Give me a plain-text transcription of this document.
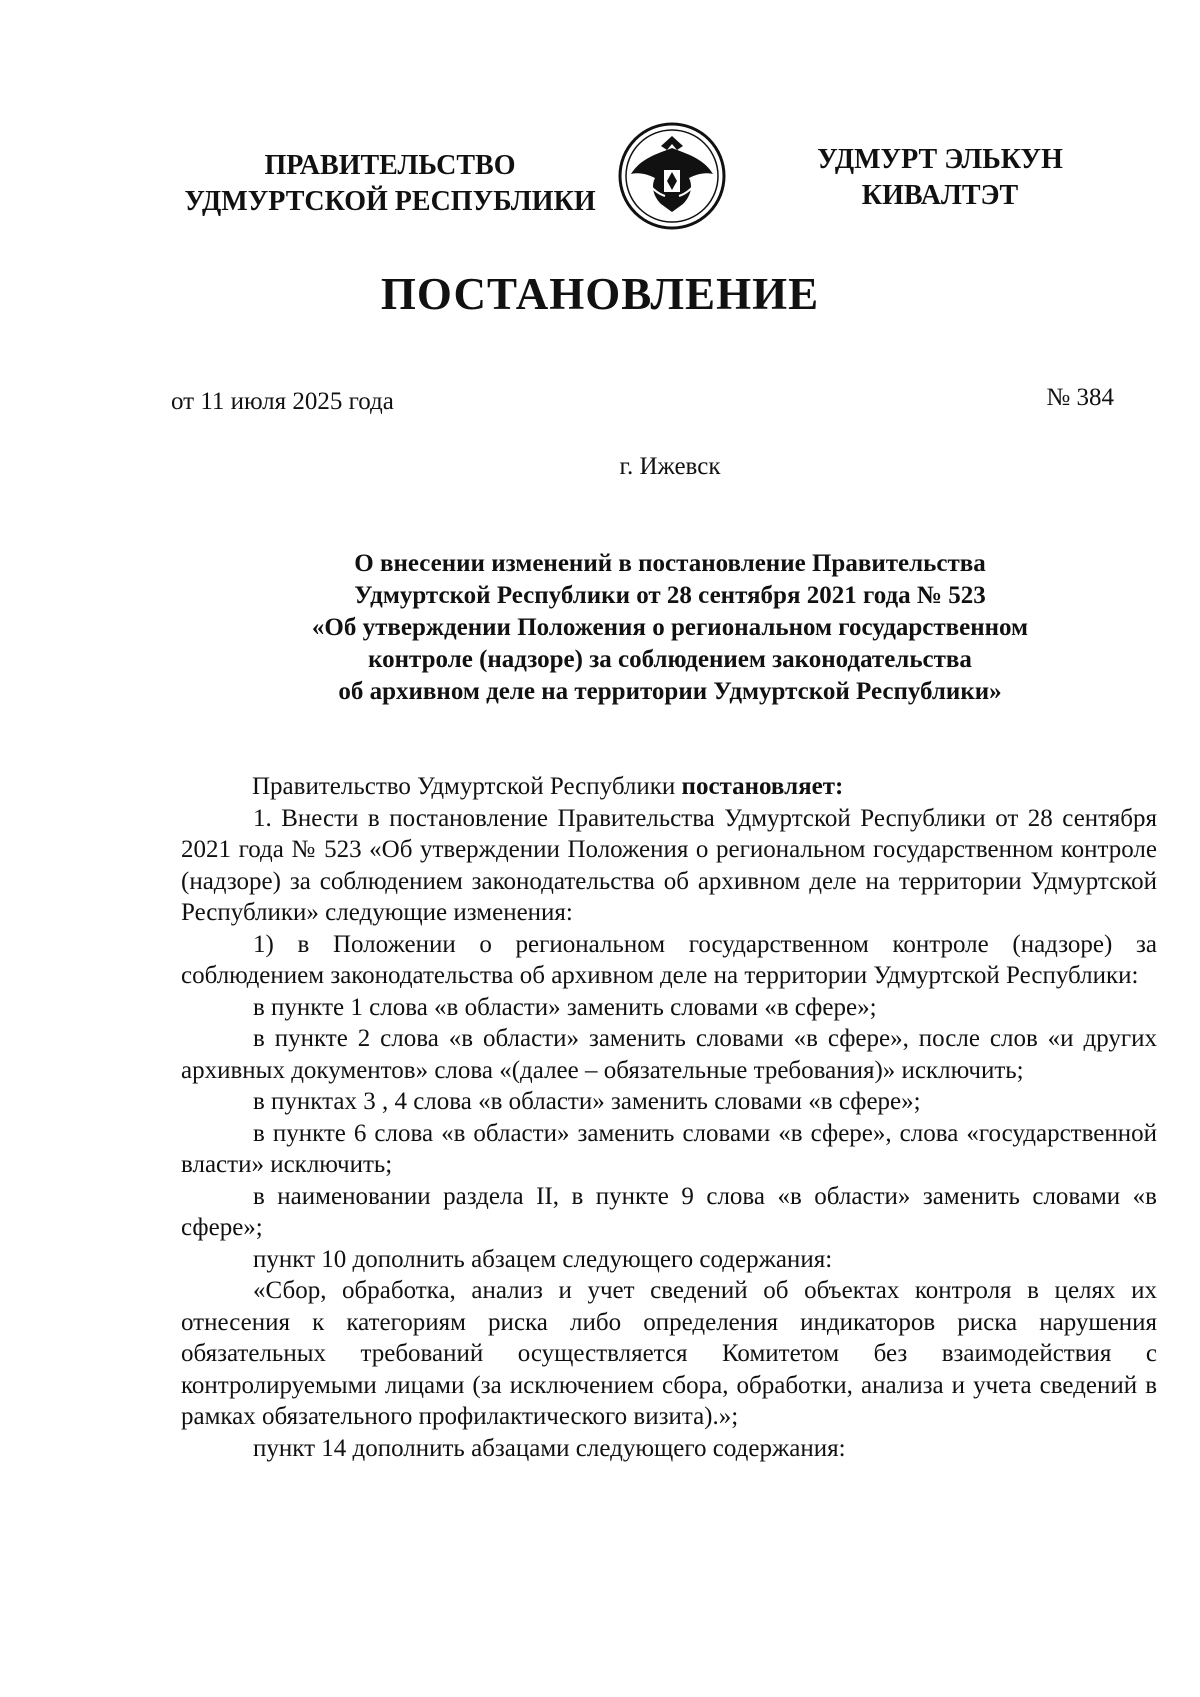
ПРАВИТЕЛЬСТВО
УДМУРТСКОЙ РЕСПУБЛИКИ
УДМУРТ ЭЛЬКУН
КИВАЛТЭТ
ПОСТАНОВЛЕНИЕ
от 11 июля 2025 года	№ 384
г. Ижевск
О внесении изменений в постановление Правительства
Удмуртской Республики от 28 сентября 2021 года № 523
«Об утверждении Положения о региональном государственном
контроле (надзоре) за соблюдением законодательства
об архивном деле на территории Удмуртской Республики»

Правительство Удмуртской Республики постановляет:

1. Внести в постановление Правительства Удмуртской Республики от 28 сентября 2021 года № 523 «Об утверждении Положения о региональном государственном контроле (надзоре) за соблюдением законодательства об архивном деле на территории Удмуртской Республики» следующие изменения:

1) в Положении о региональном государственном контроле (надзоре) за соблюдением законодательства об архивном деле на территории Удмуртской Республики:

в пункте 1 слова «в области» заменить словами «в сфере»;

в пункте 2 слова «в области» заменить словами «в сфере», после слов «и других архивных документов» слова «(далее – обязательные требования)» исключить;

в пунктах 3 , 4 слова «в области» заменить словами «в сфере»;

в пункте 6 слова «в области» заменить словами «в сфере», слова «государственной власти» исключить;

в наименовании раздела II, в пункте 9 слова «в области» заменить словами «в сфере»;

пункт 10 дополнить абзацем следующего содержания:

«Сбор, обработка, анализ и учет сведений об объектах контроля в целях их отнесения к категориям риска либо определения индикаторов риска нарушения обязательных требований осуществляется Комитетом без взаимодействия с контролируемыми лицами (за исключением сбора, обработки, анализа и учета сведений в рамках обязательного профилактического визита).»;

пункт 14 дополнить абзацами следующего содержания:
